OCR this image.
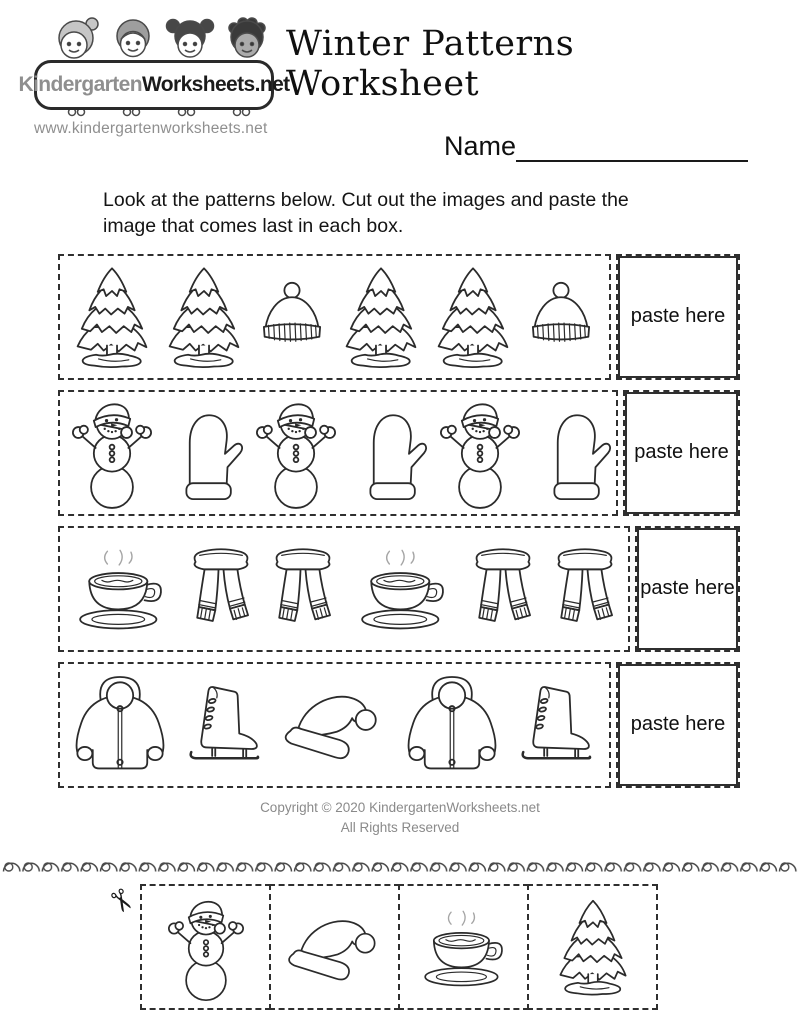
Kindergarten Worksheets.net
www.kindergartenworksheets.net
Winter Patterns Worksheet
Name
Look at the patterns below. Cut out the images and paste the
image that comes last in each box.
paste here
paste here
paste here
paste here
Copyright © 2020 KindergartenWorksheets.net
All Rights Reserved
✂
